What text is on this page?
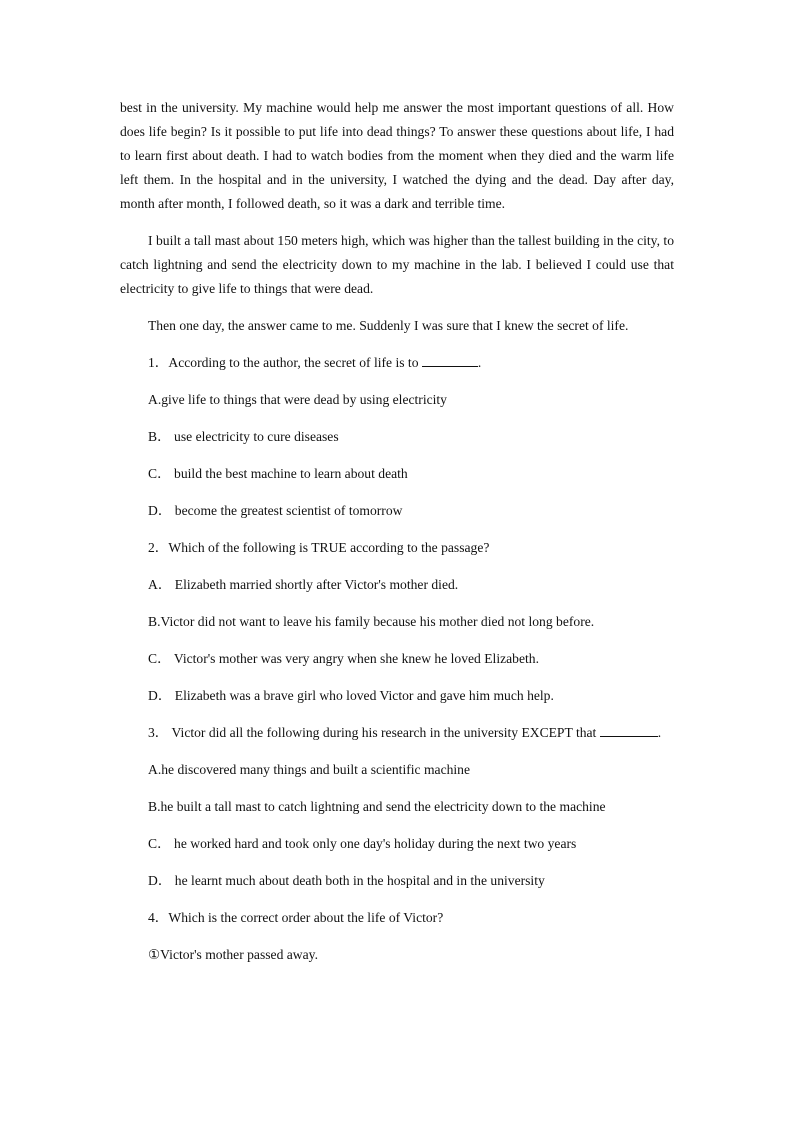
best in the university. My machine would help me answer the most important questions of all. How does life begin? Is it possible to put life into dead things? To answer these questions about life, I had to learn first about death. I had to watch bodies from the moment when they died and the warm life left them. In the hospital and in the university, I watched the dying and the dead. Day after day, month after month, I followed death, so it was a dark and terrible time.

I built a tall mast about 150 meters high, which was higher than the tallest building in the city, to catch lightning and send the electricity down to my machine in the lab. I believed I could use that electricity to give life to things that were dead.

Then one day, the answer came to me. Suddenly I was sure that I knew the secret of life.

1．According to the author, the secret of life is to	.

A.give life to things that were dead by using electricity

B． use electricity to cure diseases

C． build the best machine to learn about death

D． become the greatest scientist of tomorrow

2．Which of the following is TRUE according to the passage?

A． Elizabeth married shortly after Victor's mother died.

B.Victor did not want to leave his family because his mother died not long before.

C． Victor's mother was very angry when she knew he loved Elizabeth.

D． Elizabeth was a brave girl who loved Victor and gave him much help.

3． Victor did all the following during his research in the university EXCEPT that	.

A.he discovered many things and built a scientific machine

B.he built a tall mast to catch lightning and send the electricity down to the machine

C． he worked hard and took only one day's holiday during the next two years

D． he learnt much about death both in the hospital and in the university

4．Which is the correct order about the life of Victor?

①Victor's mother passed away.
